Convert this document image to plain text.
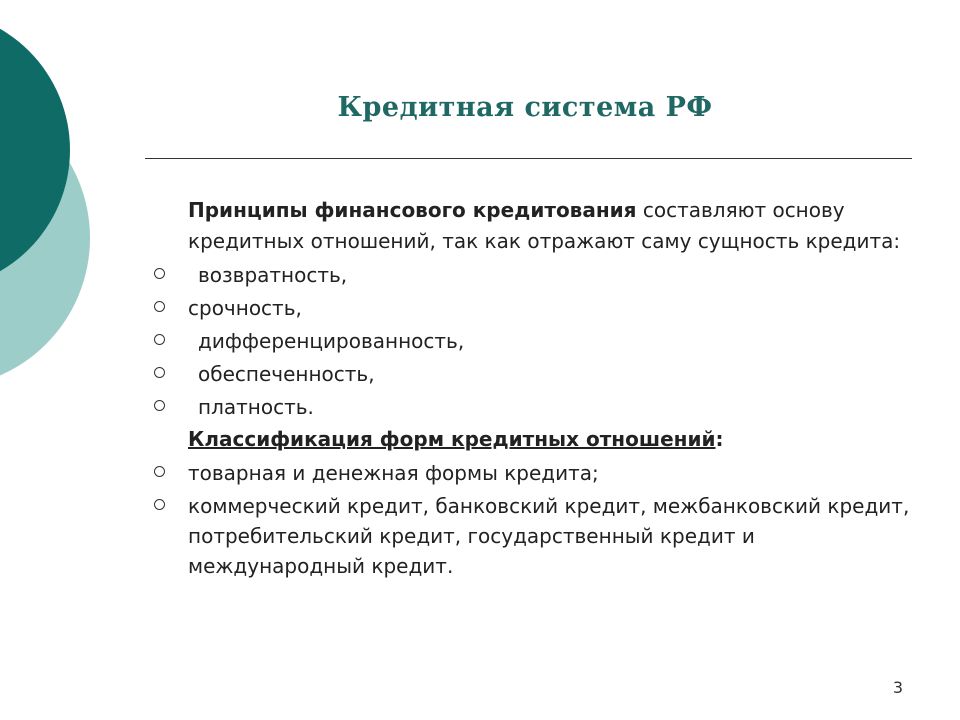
Кредитная система РФ
Принципы финансового кредитования составляют основу кредитных отношений, так как отражают саму сущность кредита:
возвратность,
срочность,
дифференцированность,
обеспеченность,
платность.
Классификация форм кредитных отношений:
товарная и денежная формы кредита;
коммерческий кредит, банковский кредит, межбанковский кредит, потребительский кредит, государственный кредит и международный кредит.
3
